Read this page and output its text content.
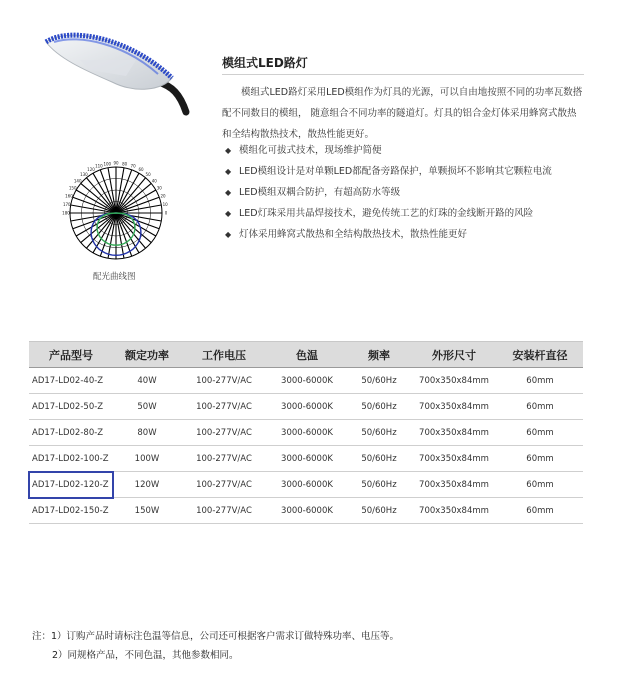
180
170
160
150
140
130
120
110 100 90 80 70
60
50
40
30
20
10
0
配光曲线图
模组式LED路灯

模组式LED路灯采用LED模组作为灯具的光源，可以自由地按照不同的功率瓦数搭配不同数目的模组， 随意组合不同功率的隧道灯。灯具的铝合金灯体采用蜂窝式散热和全结构散热技术，散热性能更好。

◆ 模组化可拔式技术，现场维护简便
◆ LED模组设计是对单颗LED都配备旁路保护，单颗损坏不影响其它颗粒电流
◆ LED模组双耦合防护，有超高防水等级
◆ LED灯珠采用共晶焊接技术，避免传统工艺的灯珠的金线断开路的风险
◆ 灯体采用蜂窝式散热和全结构散热技术，散热性能更好
产品型号	额定功率	工作电压	色温	频率	外形尺寸	安装杆直径
AD17-LD02-40-Z	40W	100-277V/AC	3000-6000K	50/60Hz	700x350x84mm	60mm
AD17-LD02-50-Z	50W	100-277V/AC	3000-6000K	50/60Hz	700x350x84mm	60mm
AD17-LD02-80-Z	80W	100-277V/AC	3000-6000K	50/60Hz	700x350x84mm	60mm
AD17-LD02-100-Z	100W	100-277V/AC	3000-6000K	50/60Hz	700x350x84mm	60mm
AD17-LD02-120-Z	120W	100-277V/AC	3000-6000K	50/60Hz	700x350x84mm	60mm
AD17-LD02-150-Z	150W	100-277V/AC	3000-6000K	50/60Hz	700x350x84mm	60mm
注：1）订购产品时请标注色温等信息，公司还可根据客户需求订做特殊功率、电压等。
2）同规格产品，不同色温，其他参数相同。
